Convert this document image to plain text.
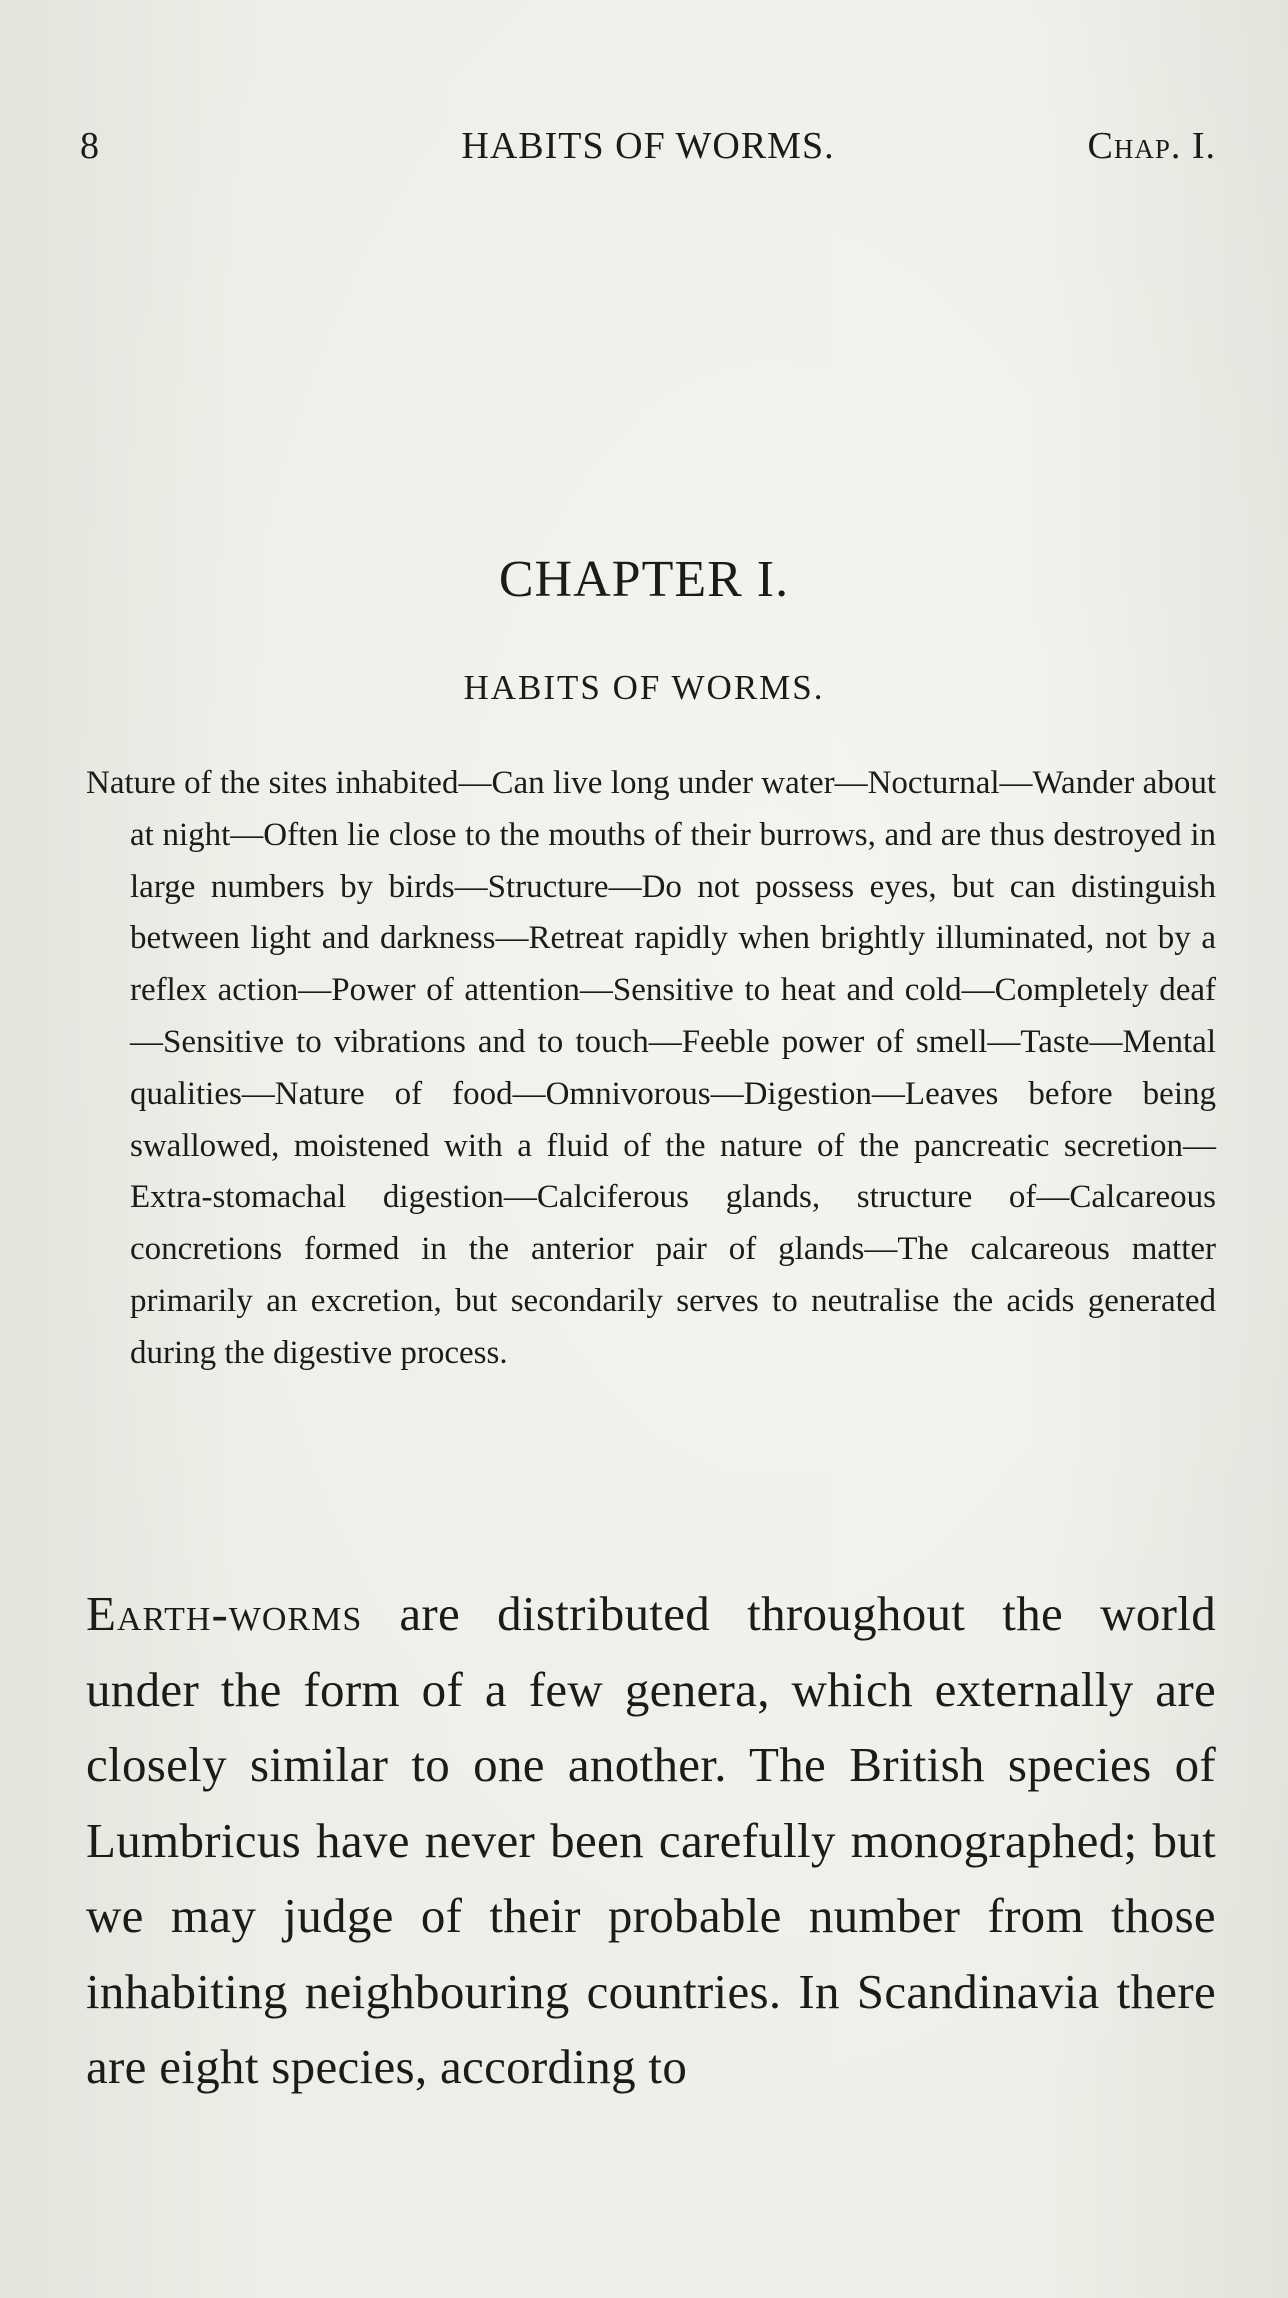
8	HABITS OF WORMS.	Chap. I.
CHAPTER I.
HABITS OF WORMS.

Nature of the sites inhabited—Can live long under water—Nocturnal—Wander about at night—Often lie close to the mouths of their burrows, and are thus destroyed in large numbers by birds—Structure—Do not possess eyes, but can distinguish between light and darkness—Retreat rapidly when brightly illuminated, not by a reflex action—Power of attention—Sensitive to heat and cold—Completely deaf—Sensitive to vibrations and to touch—Feeble power of smell—Taste—Mental qualities—Nature of food—Omnivorous—Digestion—Leaves before being swallowed, moistened with a fluid of the nature of the pancreatic secretion—Extra-stomachal digestion—Calciferous glands, structure of—Calcareous concretions formed in the anterior pair of glands—The calcareous matter primarily an excretion, but secondarily serves to neutralise the acids generated during the digestive process.

Earth-worms are distributed throughout the world under the form of a few genera, which externally are closely similar to one another. The British species of Lumbricus have never been carefully monographed; but we may judge of their probable number from those inhabiting neighbouring countries. In Scandinavia there are eight species, according to
